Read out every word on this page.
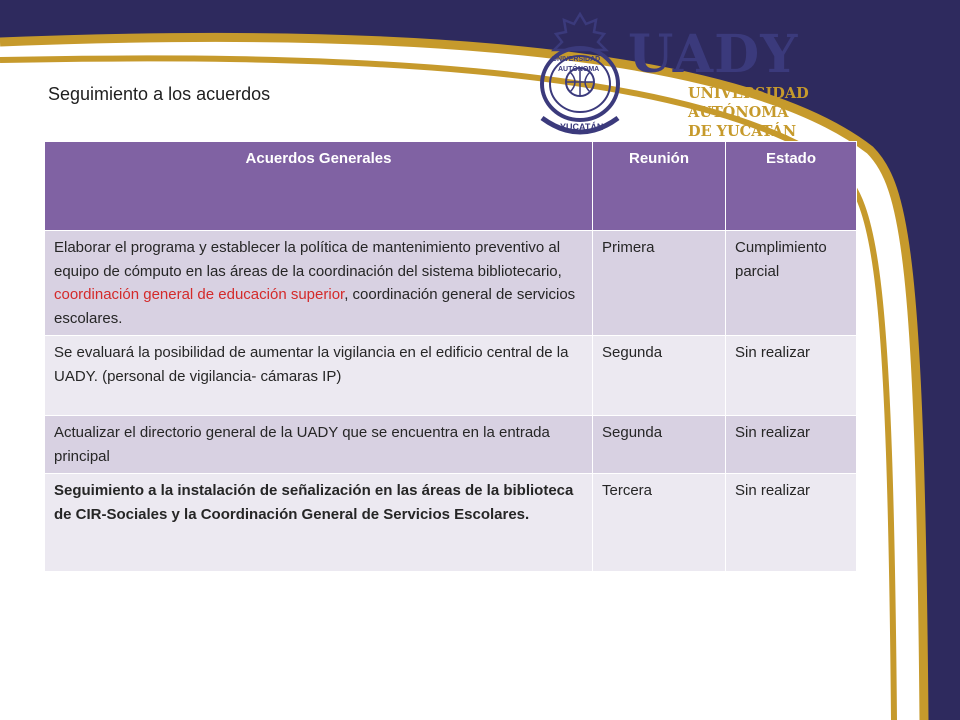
Seguimiento a los acuerdos
UNIVERSIDAD
AUTÓNOMA
YUCATÁN
UADY
UNIVERSIDAD
AUTÓNOMA
DE YUCATÁN
Acuerdos Generales	Reunión	Estado
Elaborar el programa y establecer la política de mantenimiento preventivo al equipo de cómputo en las áreas de la coordinación del sistema bibliotecario, coordinación general de educación superior, coordinación general de servicios escolares.	Primera	Cumplimiento parcial
Se evaluará la posibilidad de aumentar la vigilancia en el edificio central de la UADY. (personal de vigilancia- cámaras IP)	Segunda	Sin realizar
Actualizar el directorio general de la UADY que se encuentra en la entrada principal	Segunda	Sin realizar
Seguimiento a la instalación de señalización en las áreas de la biblioteca de CIR-Sociales y la Coordinación General de Servicios Escolares.	Tercera	Sin realizar
